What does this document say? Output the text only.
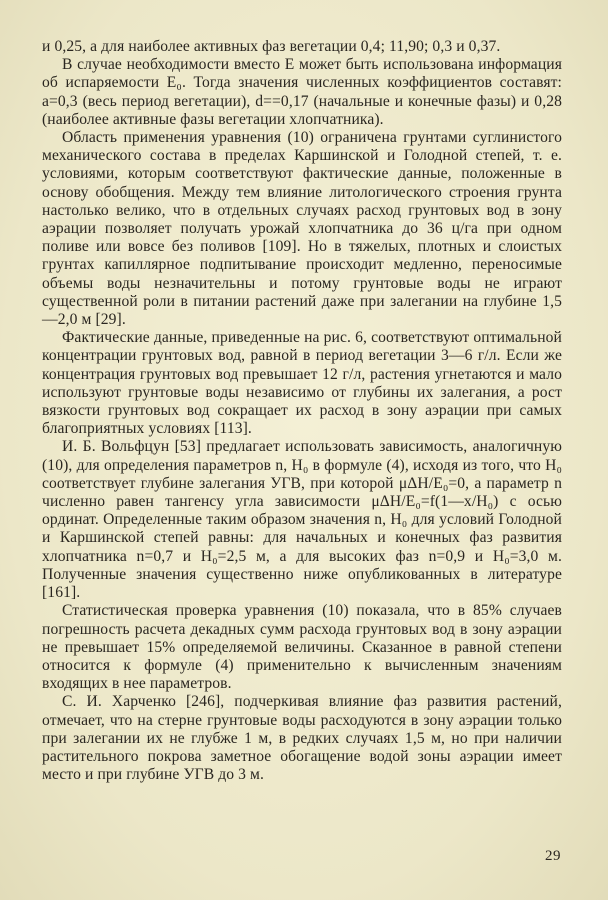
и 0,25, а для наиболее активных фаз вегетации 0,4; 11,90; 0,3 и 0,37.

В случае необходимости вместо E может быть использована информация об испаряемости E₀. Тогда значения численных коэффициентов составят: a=0,3 (весь период вегетации), d==0,17 (начальные и конечные фазы) и 0,28 (наиболее активные фазы вегетации хлопчатника).

Область применения уравнения (10) ограничена грунтами суглинистого механического состава в пределах Каршинской и Голодной степей, т. е. условиями, которым соответствуют фактические данные, положенные в основу обобщения. Между тем влияние литологического строения грунта настолько велико, что в отдельных случаях расход грунтовых вод в зону аэрации позволяет получать урожай хлопчатника до 36 ц/га при одном поливе или вовсе без поливов [109]. Но в тяжелых, плотных и слоистых грунтах капиллярное подпитывание происходит медленно, переносимые объемы воды незначительны и потому грунтовые воды не играют существенной роли в питании растений даже при залегании на глубине 1,5—2,0 м [29].

Фактические данные, приведенные на рис. 6, соответствуют оптимальной концентрации грунтовых вод, равной в период вегетации 3—6 г/л. Если же концентрация грунтовых вод превышает 12 г/л, растения угнетаются и мало используют грунтовые воды независимо от глубины их залегания, а рост вязкости грунтовых вод сокращает их расход в зону аэрации при самых благоприятных условиях [113].

И. Б. Вольфцун [53] предлагает использовать зависимость, аналогичную (10), для определения параметров n, H₀ в формуле (4), исходя из того, что H₀ соответствует глубине залегания УГВ, при которой μΔH/E₀=0, а параметр n численно равен тангенсу угла зависимости μΔH/E₀=f(1—x/H₀) с осью ординат. Определенные таким образом значения n, H₀ для условий Голодной и Каршинской степей равны: для начальных и конечных фаз развития хлопчатника n=0,7 и H₀=2,5 м, а для высоких фаз n=0,9 и H₀=3,0 м. Полученные значения существенно ниже опубликованных в литературе [161].

Статистическая проверка уравнения (10) показала, что в 85% случаев погрешность расчета декадных сумм расхода грунтовых вод в зону аэрации не превышает 15% определяемой величины. Сказанное в равной степени относится к формуле (4) применительно к вычисленным значениям входящих в нее параметров.

С. И. Харченко [246], подчеркивая влияние фаз развития растений, отмечает, что на стерне грунтовые воды расходуются в зону аэрации только при залегании их не глубже 1 м, в редких случаях 1,5 м, но при наличии растительного покрова заметное обогащение водой зоны аэрации имеет место и при глубине УГВ до 3 м.

29
